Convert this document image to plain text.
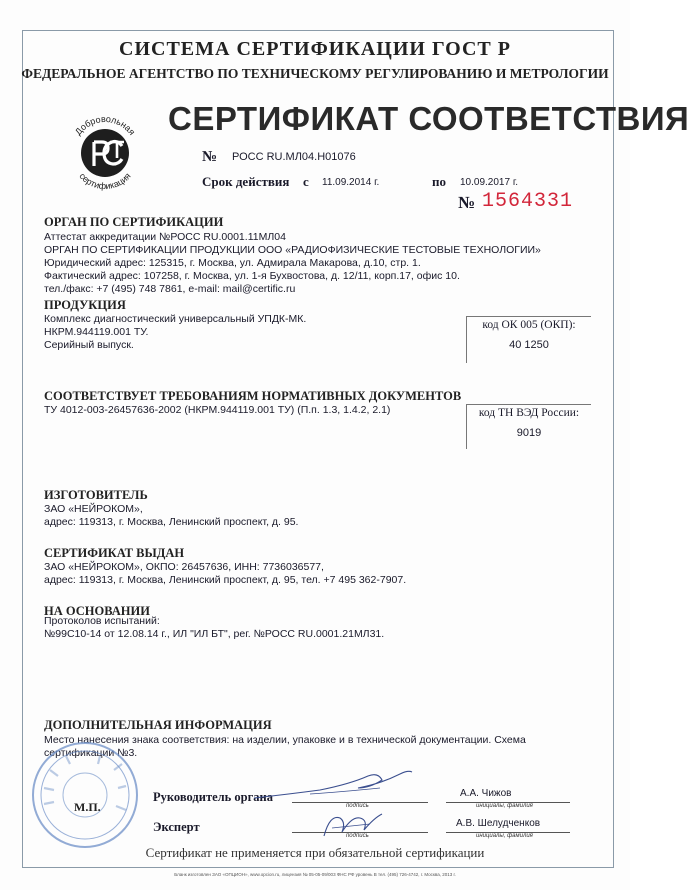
СИСТЕМА СЕРТИФИКАЦИИ ГОСТ Р
ФЕДЕРАЛЬНОЕ АГЕНТСТВО ПО ТЕХНИЧЕСКОМУ РЕГУЛИРОВАНИЮ И МЕТРОЛОГИИ
СЕРТИФИКАТ СООТВЕТСТВИЯ
Добровольная
сертификация
№ РОСС RU.МЛ04.Н01076
Срок действия с 11.09.2014 г.	по 10.09.2017 г.
№ 1564331
ОРГАН ПО СЕРТИФИКАЦИИ
Аттестат аккредитации №РОСС RU.0001.11МЛ04
ОРГАН ПО СЕРТИФИКАЦИИ ПРОДУКЦИИ ООО «РАДИОФИЗИЧЕСКИЕ ТЕСТОВЫЕ ТЕХНОЛОГИИ»
Юридический адрес: 125315, г. Москва, ул. Адмирала Макарова, д.10, стр. 1.
Фактический адрес: 107258, г. Москва, ул. 1-я Бухвостова, д. 12/11, корп.17, офис 10.
тел./факс: +7 (495) 748 7861, e-mail: mail@certific.ru
ПРОДУКЦИЯ
Комплекс диагностический универсальный УПДК-МК.
НКРМ.944119.001 ТУ.
Серийный выпуск.
код ОК 005 (ОКП):
40 1250
СООТВЕТСТВУЕТ ТРЕБОВАНИЯМ НОРМАТИВНЫХ ДОКУМЕНТОВ
ТУ 4012-003-26457636-2002 (НКРМ.944119.001 ТУ) (П.п. 1.3, 1.4.2, 2.1)	код ТН ВЭД России:
9019
ИЗГОТОВИТЕЛЬ
ЗАО «НЕЙРОКОМ»,
адрес: 119313, г. Москва, Ленинский проспект, д. 95.
СЕРТИФИКАТ ВЫДАН
ЗАО «НЕЙРОКОМ», ОКПО: 26457636, ИНН: 7736036577,
адрес: 119313, г. Москва, Ленинский проспект, д. 95, тел. +7 495 362-7907.
НА ОСНОВАНИИ
Протоколов испытаний:
№99С10-14 от 12.08.14 г., ИЛ "ИЛ БТ", рег. №РОСС RU.0001.21МЛ31.
ДОПОЛНИТЕЛЬНАЯ ИНФОРМАЦИЯ
Место нанесения знака соответствия: на изделии, упаковке и в технической документации. Схема
сертификации №3.
М.П.
Руководитель органа
подпись
А.А. Чижов
инициалы, фамилия
Эксперт
подпись
А.В. Шелудченков
инициалы, фамилия
Сертификат не применяется при обязательной сертификации
Бланк изготовлен ЗАО «ОПЦИОН», www.opcion.ru, лицензия № 05-05-09/003 ФНС РФ уровень В тел. (495) 726-4742, г. Москва, 2013 г.
